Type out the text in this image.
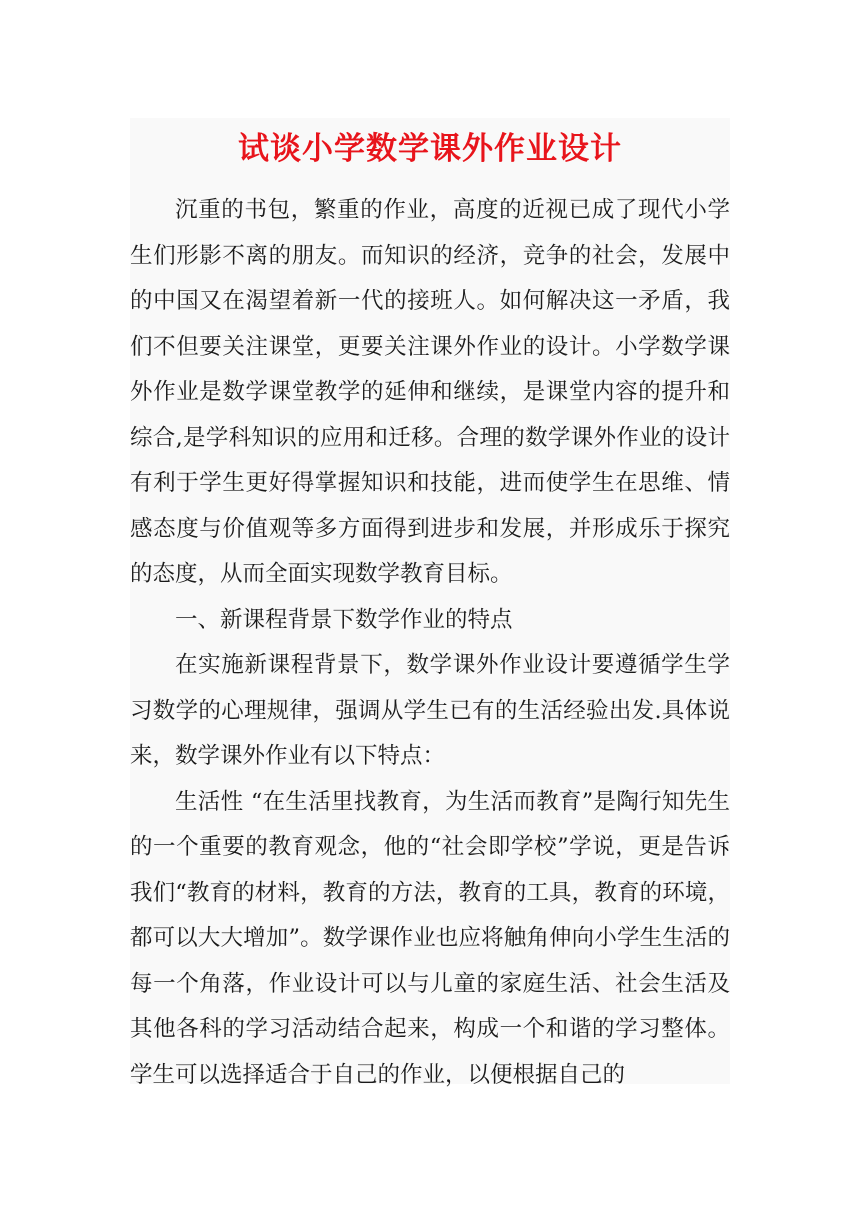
试谈小学数学课外作业设计

沉重的书包，繁重的作业，高度的近视已成了现代小学生们形影不离的朋友。而知识的经济，竞争的社会，发展中的中国又在渴望着新一代的接班人。如何解决这一矛盾，我们不但要关注课堂，更要关注课外作业的设计。小学数学课外作业是数学课堂教学的延伸和继续，是课堂内容的提升和综合,是学科知识的应用和迁移。合理的数学课外作业的设计有利于学生更好得掌握知识和技能，进而使学生在思维、情感态度与价值观等多方面得到进步和发展，并形成乐于探究的态度，从而全面实现数学教育目标。

一、新课程背景下数学作业的特点

在实施新课程背景下，数学课外作业设计要遵循学生学习数学的心理规律，强调从学生已有的生活经验出发.具体说来，数学课外作业有以下特点：

生活性 “在生活里找教育，为生活而教育”是陶行知先生的一个重要的教育观念，他的“社会即学校”学说，更是告诉我们“教育的材料，教育的方法，教育的工具，教育的环境，都可以大大增加”。数学课作业也应将触角伸向小学生生活的每一个角落，作业设计可以与儿童的家庭生活、社会生活及其他各科的学习活动结合起来，构成一个和谐的学习整体。学生可以选择适合于自己的作业，以便根据自己的
